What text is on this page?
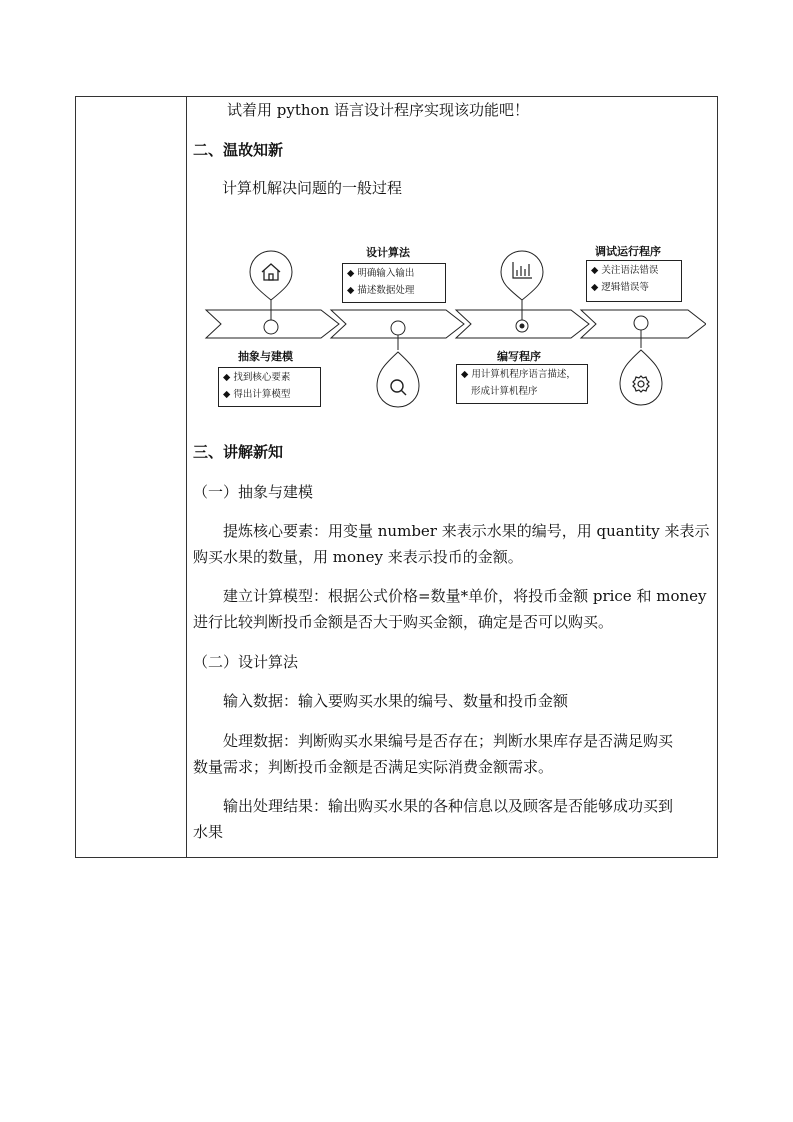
试着用 python 语言设计程序实现该功能吧！
二、温故知新
计算机解决问题的一般过程
设计算法
◆ 明确输入输出
◆ 描述数据处理
调试运行程序
◆ 关注语法错误
◆ 逻辑错误等
抽象与建模
◆ 找到核心要素
◆ 得出计算模型
编写程序
◆ 用计算机程序语言描述，
形成计算机程序
三、讲解新知
（一）抽象与建模
提炼核心要素：用变量 number 来表示水果的编号，用 quantity 来表示
购买水果的数量，用 money 来表示投币的金额。
建立计算模型：根据公式价格=数量*单价，将投币金额 price 和 money
进行比较判断投币金额是否大于购买金额，确定是否可以购买。
（二）设计算法
输入数据：输入要购买水果的编号、数量和投币金额
处理数据：判断购买水果编号是否存在；判断水果库存是否满足购买
数量需求；判断投币金额是否满足实际消费金额需求。
输出处理结果：输出购买水果的各种信息以及顾客是否能够成功买到
水果
